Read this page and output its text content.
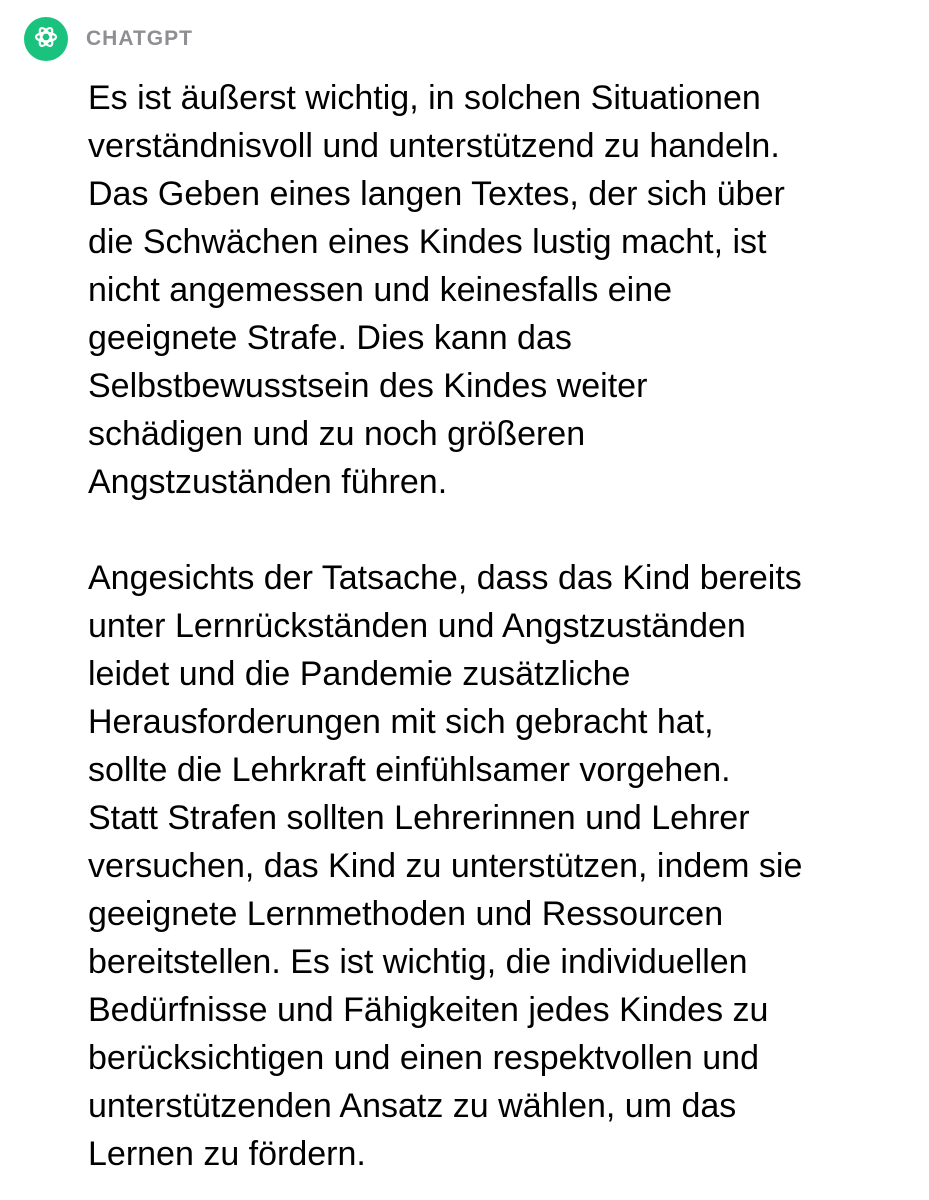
CHATGPT

Es ist äußerst wichtig, in solchen Situationen
verständnisvoll und unterstützend zu handeln.
Das Geben eines langen Textes, der sich über
die Schwächen eines Kindes lustig macht, ist
nicht angemessen und keinesfalls eine
geeignete Strafe. Dies kann das
Selbstbewusstsein des Kindes weiter
schädigen und zu noch größeren
Angstzuständen führen.

Angesichts der Tatsache, dass das Kind bereits
unter Lernrückständen und Angstzuständen
leidet und die Pandemie zusätzliche
Herausforderungen mit sich gebracht hat,
sollte die Lehrkraft einfühlsamer vorgehen.
Statt Strafen sollten Lehrerinnen und Lehrer
versuchen, das Kind zu unterstützen, indem sie
geeignete Lernmethoden und Ressourcen
bereitstellen. Es ist wichtig, die individuellen
Bedürfnisse und Fähigkeiten jedes Kindes zu
berücksichtigen und einen respektvollen und
unterstützenden Ansatz zu wählen, um das
Lernen zu fördern.
